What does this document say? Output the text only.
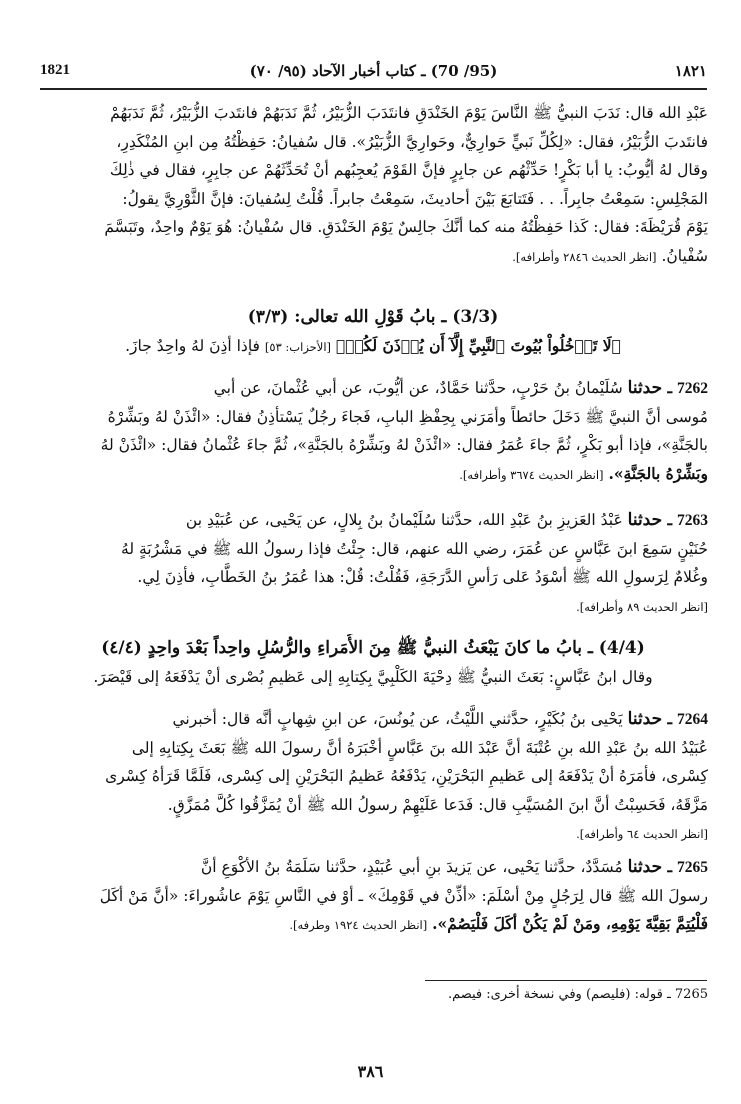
١٨٢١
(95/ 70) ـ كتاب أخبار الآحاد (٩٥/ ٧٠)
1821
عَبْدِ الله قال: نَدَبَ النبيُّ ﷺ النَّاسَ يَوْمَ الخَنْدَقِ فانتَدَبَ الزُّبَيْرُ، ثُمَّ نَدَبَهُمْ فانتَدبَ الزُّبَيْرُ، ثُمَّ نَدَبَهُمْ
فانتَدبَ الزُّبَيْرُ، فقال: «لِكُلِّ نَبيٍّ حَوارِيٌّ، وحَوارِيَّ الزُّبَيْرُ». قال سُفيانُ: حَفِظْتُهُ مِن ابنِ المُنْكَدِرِ،
وقال لهُ أيُّوبُ: يا أبا بَكْرٍ! حَدِّثْهُم عن جابِرٍ فإنَّ القَوْمَ يُعجِبُهم أنْ تُحَدِّثَهُمْ عن جابِرٍ، فقال في ذٰلِكَ
المَجْلِسِ: سَمِعْتُ جابِراً. . . فَتَتابَعَ بَيْنَ أحاديثَ، سَمِعْتُ جابراً. قُلْتُ لِسُفيانَ: فإنَّ الثَّوْرِيَّ يقولُ:
يَوْمَ قُرَيْظَةَ: فقال: كَذا حَفِظْتُهُ منه كما أنَّكَ جالِسٌ يَوْمَ الخَنْدَقِ. قال سُفْيانُ: هُوَ يَوْمٌ واحِدٌ، وتَبَسَّمَ
سُفْيانُ. [انظر الحديث ٢٨٤٦ وأطرافه].
(3/3) ـ بابُ قَوْلِ الله تعالى: (٣/٣)
﴿لَا تَدۡخُلُواْ بُيُوتَ ٱلنَّبِيِّ إِلَّآ أَن يُؤۡذَنَ لَكُمۡ﴾ [الأحزاب: ٥٣] فإذا أذِنَ لهُ واحِدٌ جازَ.
7262 ـ حدثنا سُلَيْمانُ بنُ حَرْبٍ، حدَّثنا حَمَّادٌ، عن أيُّوبَ، عن أبي عُثْمانَ، عن أبي
مُوسى أنَّ النبيَّ ﷺ دَخَلَ حائطاً وأمَرَني بِحِفْظِ البابِ، فَجاءَ رجُلٌ يَسْتأذِنُ فقال: «ائْذَنْ لهُ وبَشِّرْهُ
بالجَنَّةِ»، فإذا أبو بَكْرٍ، ثُمَّ جاءَ عُمَرُ فقال: «ائْذَنْ لهُ وبَشِّرْهُ بالجَنَّةِ»، ثُمَّ جاءَ عُثْمانُ فقال: «ائْذَنْ لهُ
وبَشِّرْهُ بالجَنَّةِ». [انظر الحديث ٣٦٧٤ وأطرافه].
7263 ـ حدثنا عَبْدُ العَزيزِ بنُ عَبْدِ الله، حدَّثنا سُلَيْمانُ بنُ بِلالٍ، عن يَحْيى، عن عُبَيْدِ بن
حُنَيْنٍ سَمِعَ ابنَ عَبَّاسٍ عن عُمَرَ، رضي الله عنهم، قال: جِئْتُ فإذا رسولُ الله ﷺ في مَشْرُبَةٍ لهُ
وغُلامٌ لِرَسولِ الله ﷺ أسْوَدُ عَلى رَأسِ الدَّرَجَةِ، فَقُلْتُ: قُلْ: هذا عُمَرُ بنُ الخَطَّابِ، فأذِنَ لِي.
[انظر الحديث ٨٩ وأطرافه].
(4/4) ـ بابُ ما كانَ يَبْعَثُ النبيُّ ﷺ مِنَ الأُمَراءِ والرُّسُلِ واحِداً بَعْدَ واحِدٍ (٤/٤)
وقال ابنُ عَبَّاسٍ: بَعَثَ النبيُّ ﷺ دِحْيَةَ الكَلْبِيَّ بِكِتابِهِ إلى عَظيمِ بُصْرى أنْ يَدْفَعَهُ إلى قَيْصَرَ.
7264 ـ حدثنا يَحْيى بنُ بُكَيْرٍ، حدَّثني اللَّيْثُ، عن يُونُسَ، عن ابنِ شِهابٍ أنَّه قال: أخبرني
عُبَيْدُ الله بنُ عَبْدِ الله بنِ عُتْبَةَ أنَّ عَبْدَ الله بنَ عَبَّاسٍ أخْبَرَهُ أنَّ رسولَ الله ﷺ بَعَثَ بِكِتابِهِ إلى
كِسْرى، فأمَرَهُ أنْ يَدْفَعَهُ إلى عَظيمِ البَحْرَيْنِ، يَدْفَعُهُ عَظيمُ البَحْرَيْنِ إلى كِسْرى، فَلَمَّا قَرَأهُ كِسْرى
مَزَّقَهُ، فَحَسِبْتُ أنَّ ابنَ المُسَيَّبِ قال: فَدَعا عَلَيْهِمْ رسولُ الله ﷺ أنْ يُمَزَّقُوا كُلَّ مُمَزَّقٍ.
[انظر الحديث ٦٤ وأطرافه].
7265 ـ حدثنا مُسَدَّدٌ، حدَّثنا يَحْيى، عن يَزيدَ بنِ أبي عُبَيْدٍ، حدَّثنا سَلَمَةُ بنُ الأكْوَعِ أنَّ
رسولَ الله ﷺ قال لِرَجُلٍ مِنْ أسْلَمَ: «أذِّنْ في قَوْمِكَ» ـ أوْ في النَّاسِ يَوْمَ عاشُوراءَ: «أنَّ مَنْ أكَلَ
فَلْيُتِمَّ بَقِيَّةَ يَوْمِهِ، ومَنْ لَمْ يَكُنْ أكَلَ فَلْيَصُمْ». [انظر الحديث ١٩٢٤ وطرفه].
7265 ـ قوله: (فليصم) وفي نسخة أخرى: فيصم.
٣٨٦
